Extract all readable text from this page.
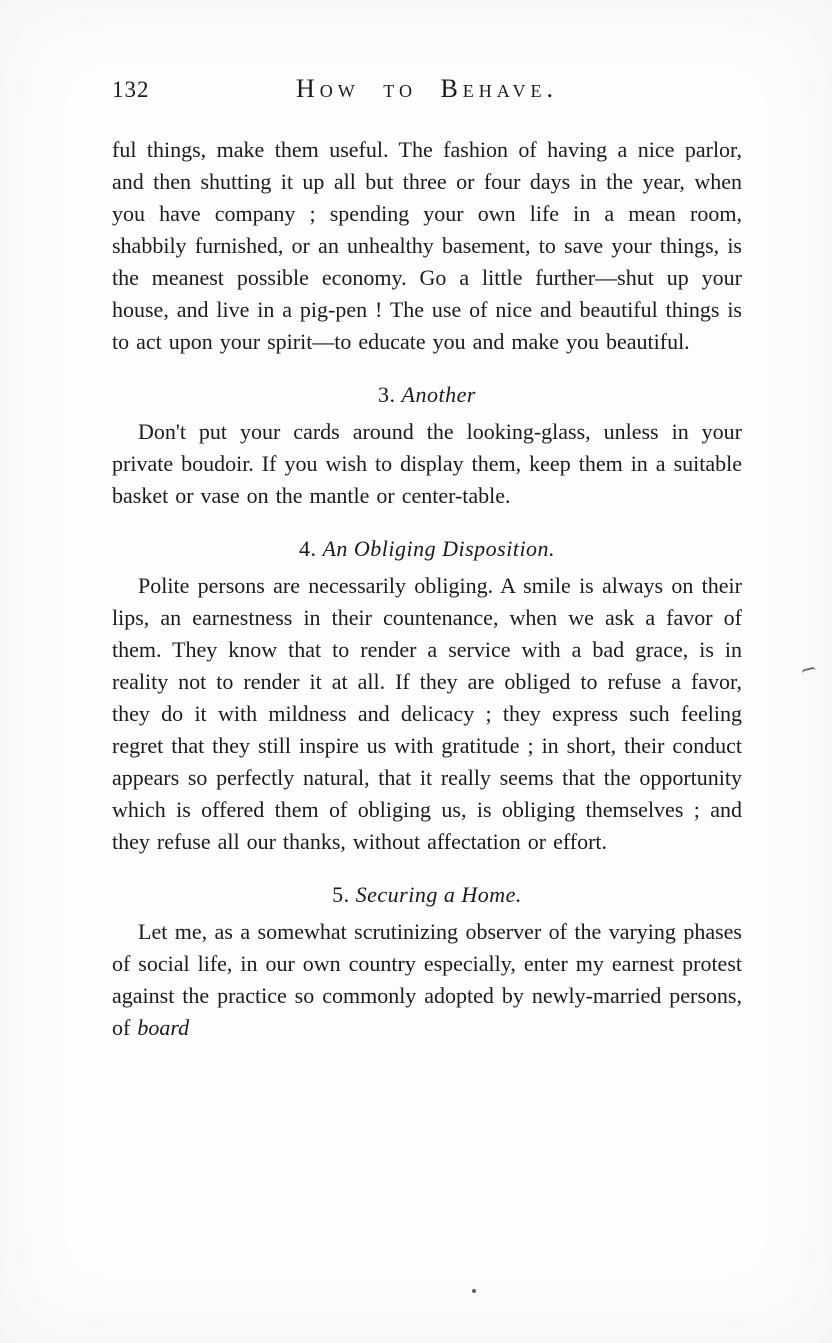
132	How to Behave.

ful things, make them useful. The fashion of having a nice parlor, and then shutting it up all but three or four days in the year, when you have company ; spending your own life in a mean room, shabbily furnished, or an unhealthy basement, to save your things, is the meanest possible economy. Go a little further—shut up your house, and live in a pig-pen ! The use of nice and beautiful things is to act upon your spirit—to educate you and make you beautiful.

3. Another

Don't put your cards around the looking-glass, unless in your private boudoir. If you wish to display them, keep them in a suitable basket or vase on the mantle or center-table.

4. An Obliging Disposition.

Polite persons are necessarily obliging. A smile is always on their lips, an earnestness in their countenance, when we ask a favor of them. They know that to render a service with a bad grace, is in reality not to render it at all. If they are obliged to refuse a favor, they do it with mildness and delicacy ; they express such feeling regret that they still inspire us with gratitude ; in short, their conduct appears so perfectly natural, that it really seems that the opportunity which is offered them of obliging us, is obliging themselves ; and they refuse all our thanks, without affectation or effort.

5. Securing a Home.

Let me, as a somewhat scrutinizing observer of the varying phases of social life, in our own country especially, enter my earnest protest against the practice so commonly adopted by newly-married persons, of board
